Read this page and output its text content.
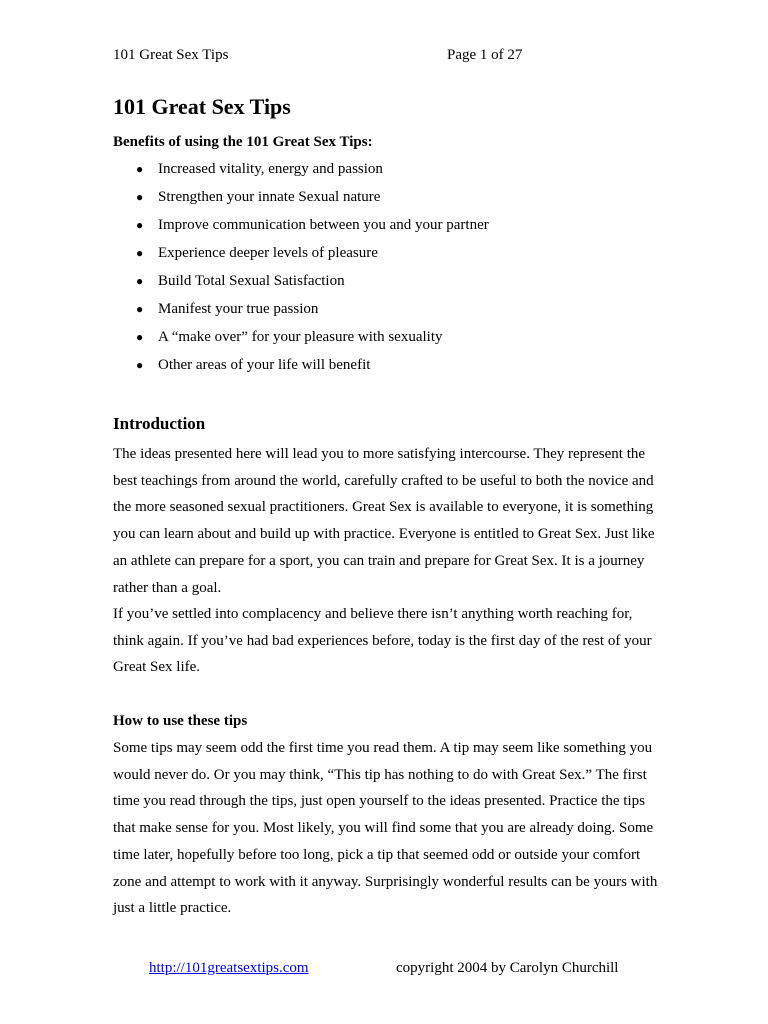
101 Great Sex Tips	Page 1 of 27
101 Great Sex Tips

Benefits of using the 101 Great Sex Tips:

● Increased vitality, energy and passion
● Strengthen your innate Sexual nature
● Improve communication between you and your partner
● Experience deeper levels of pleasure
● Build Total Sexual Satisfaction
● Manifest your true passion
● A “make over” for your pleasure with sexuality
● Other areas of your life will benefit
Introduction

The ideas presented here will lead you to more satisfying intercourse. They represent the best teachings from around the world, carefully crafted to be useful to both the novice and the more seasoned sexual practitioners. Great Sex is available to everyone, it is something you can learn about and build up with practice. Everyone is entitled to Great Sex. Just like an athlete can prepare for a sport, you can train and prepare for Great Sex. It is a journey rather than a goal.

If you’ve settled into complacency and believe there isn’t anything worth reaching for, think again. If you’ve had bad experiences before, today is the first day of the rest of your Great Sex life.

How to use these tips

Some tips may seem odd the first time you read them. A tip may seem like something you would never do. Or you may think, “This tip has nothing to do with Great Sex.” The first time you read through the tips, just open yourself to the ideas presented. Practice the tips that make sense for you. Most likely, you will find some that you are already doing. Some time later, hopefully before too long, pick a tip that seemed odd or outside your comfort zone and attempt to work with it anyway. Surprisingly wonderful results can be yours with just a little practice.

http://101greatsextips.com	copyright 2004 by Carolyn Churchill
